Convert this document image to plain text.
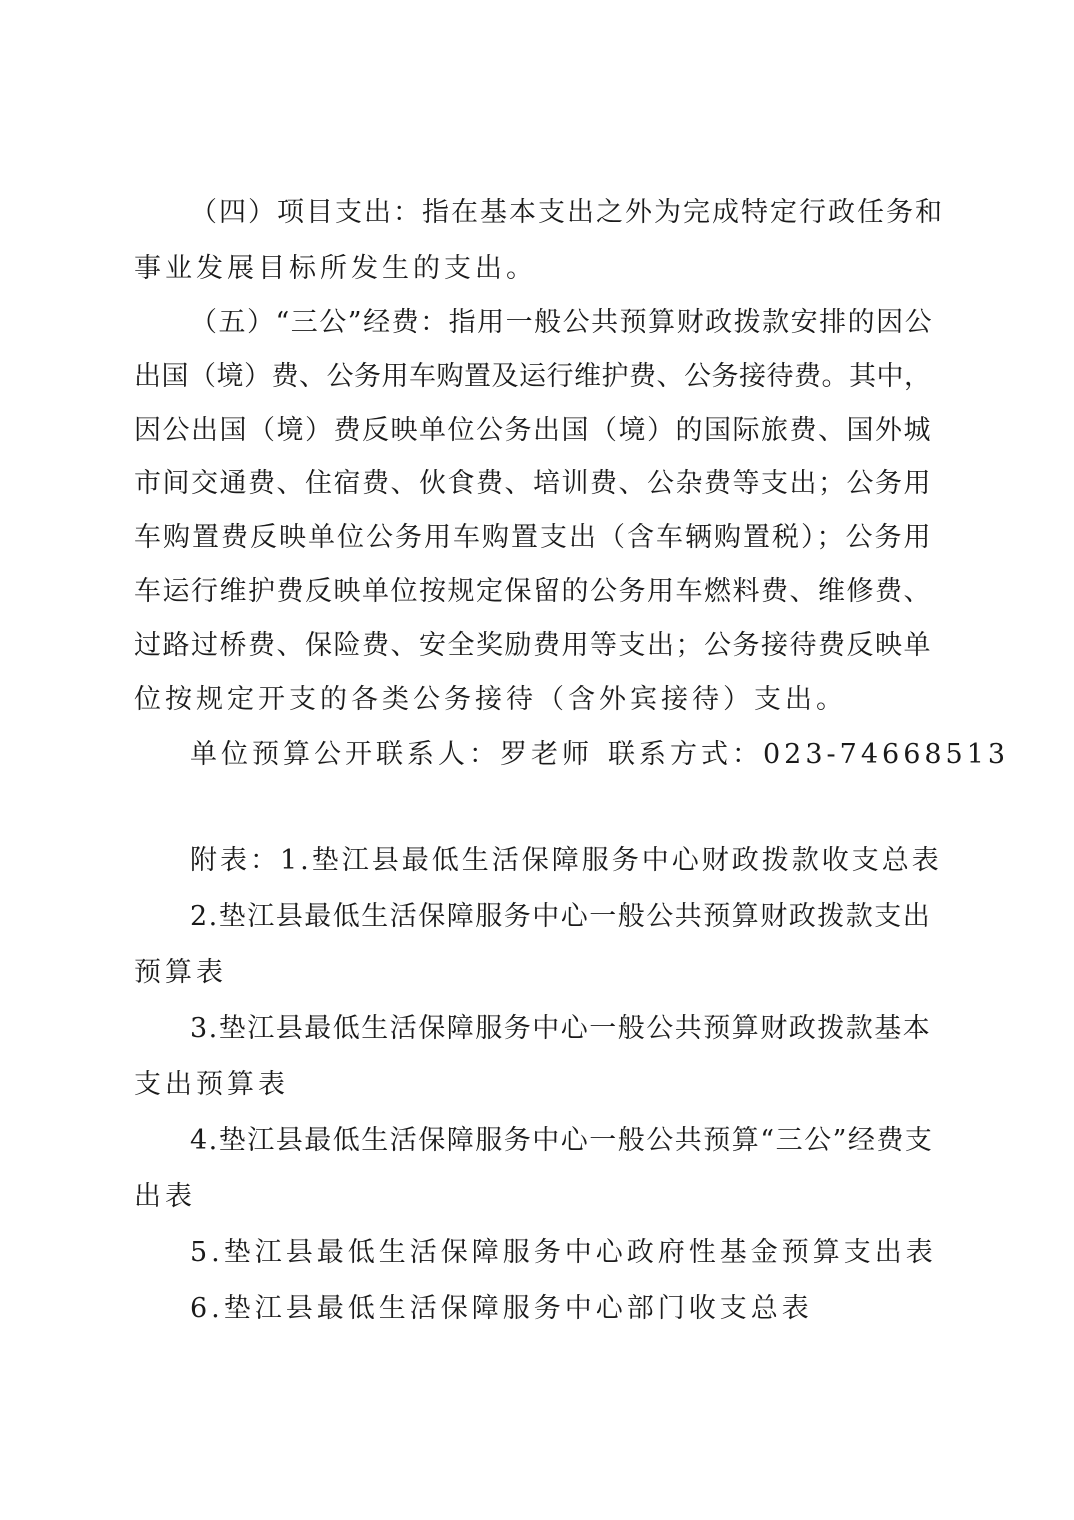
（四）项目支出：指在基本支出之外为完成特定行政任务和
事业发展目标所发生的支出。
（五）“三公”经费：指用一般公共预算财政拨款安排的因公
出国（境）费、公务用车购置及运行维护费、公务接待费。其中，
因公出国（境）费反映单位公务出国（境）的国际旅费、国外城
市间交通费、住宿费、伙食费、培训费、公杂费等支出；公务用
车购置费反映单位公务用车购置支出（含车辆购置税）；公务用
车运行维护费反映单位按规定保留的公务用车燃料费、维修费、
过路过桥费、保险费、安全奖励费用等支出；公务接待费反映单
位按规定开支的各类公务接待（含外宾接待）支出。
单位预算公开联系人：罗老师 联系方式：023-74668513
附表：1.垫江县最低生活保障服务中心财政拨款收支总表
2.垫江县最低生活保障服务中心一般公共预算财政拨款支出
预算表
3.垫江县最低生活保障服务中心一般公共预算财政拨款基本
支出预算表
4.垫江县最低生活保障服务中心一般公共预算“三公”经费支
出表
5.垫江县最低生活保障服务中心政府性基金预算支出表
6.垫江县最低生活保障服务中心部门收支总表
